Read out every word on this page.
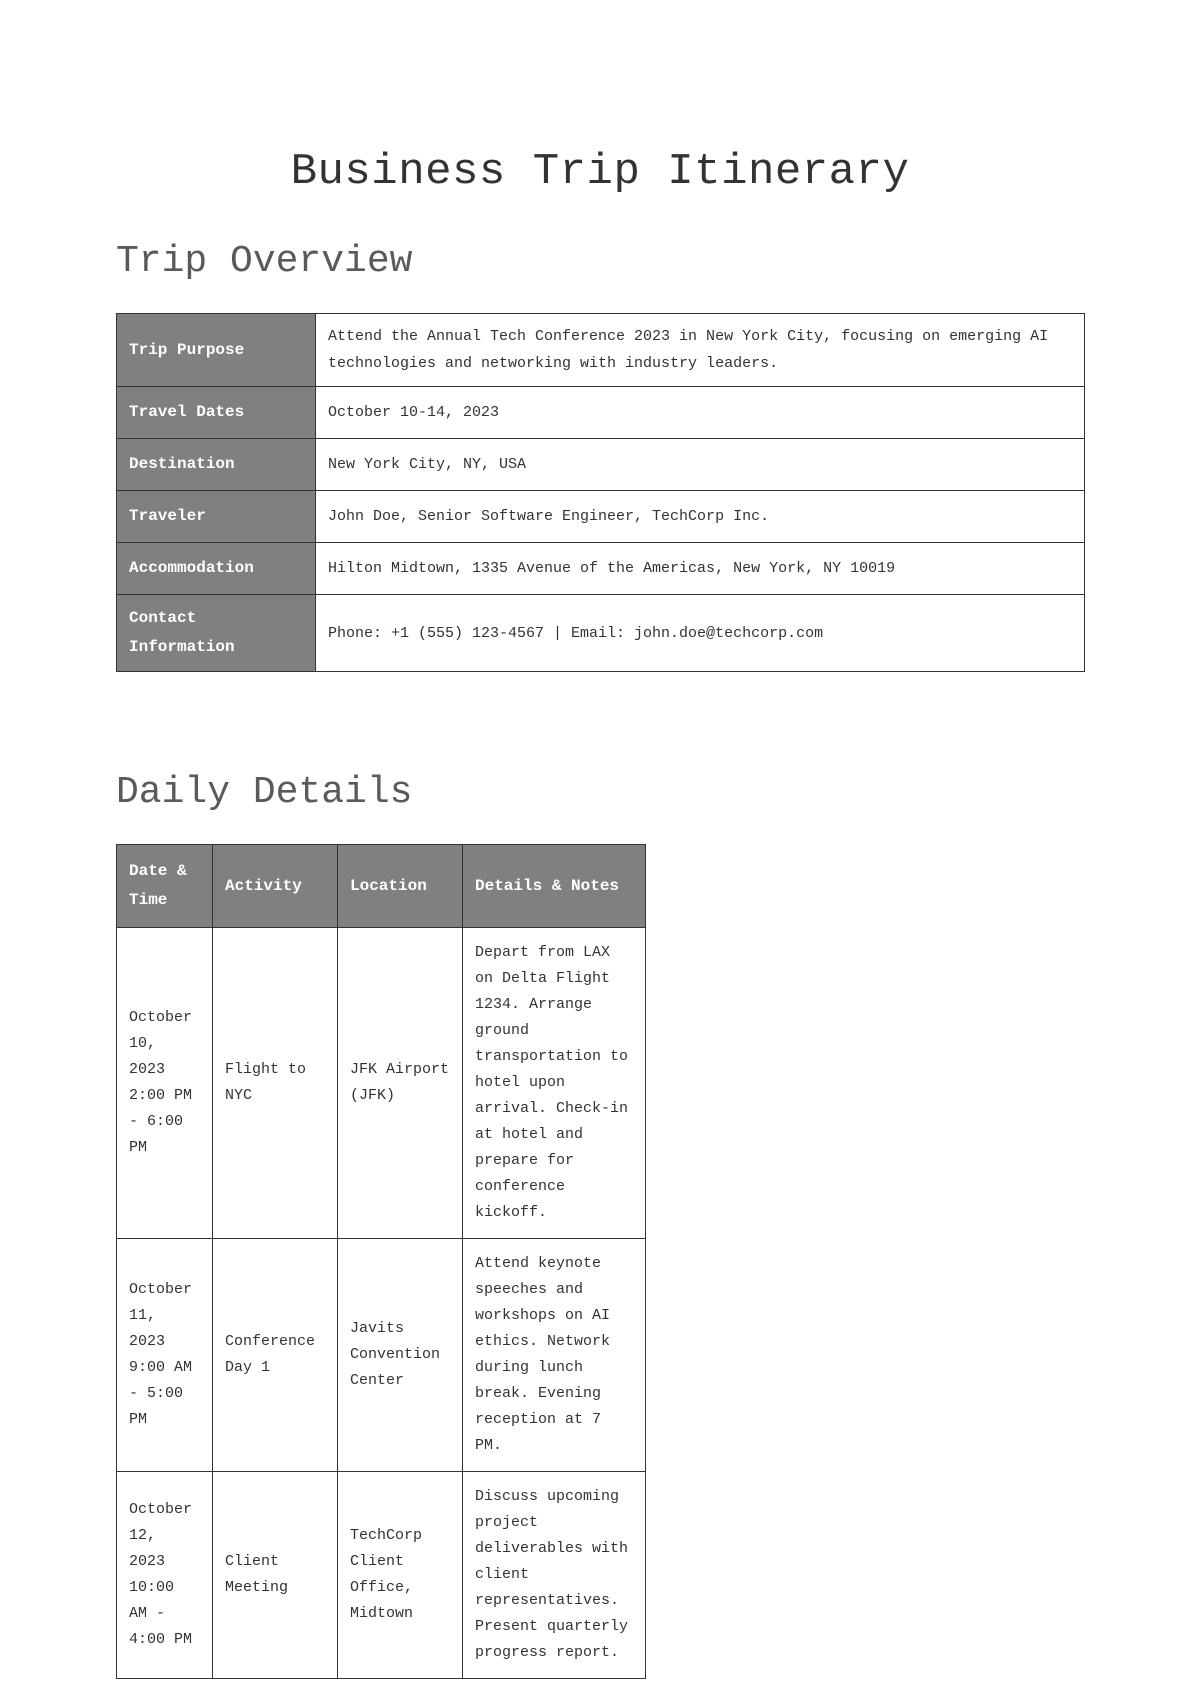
Business Trip Itinerary
Trip Overview
Trip Purpose	Attend the Annual Tech Conference 2023 in New York City, focusing on emerging AI technologies and networking with industry leaders.
Travel Dates	October 10-14, 2023
Destination	New York City, NY, USA
Traveler	John Doe, Senior Software Engineer, TechCorp Inc.
Accommodation	Hilton Midtown, 1335 Avenue of the Americas, New York, NY 10019
Contact Information	Phone: +1 (555) 123-4567 | Email: john.doe@techcorp.com
Daily Details
Date & Time	Activity	Location	Details & Notes
October 10, 2023 2:00 PM - 6:00 PM	Flight to NYC	JFK Airport (JFK)	Depart from LAX on Delta Flight 1234. Arrange ground transportation to hotel upon arrival. Check-in at hotel and prepare for conference kickoff.
October 11, 2023 9:00 AM - 5:00 PM	Conference Day 1	Javits Convention Center	Attend keynote speeches and workshops on AI ethics. Network during lunch break. Evening reception at 7 PM.
October 12, 2023 10:00 AM - 4:00 PM	Client Meeting	TechCorp Client Office, Midtown	Discuss upcoming project deliverables with client representatives. Present quarterly progress report.
